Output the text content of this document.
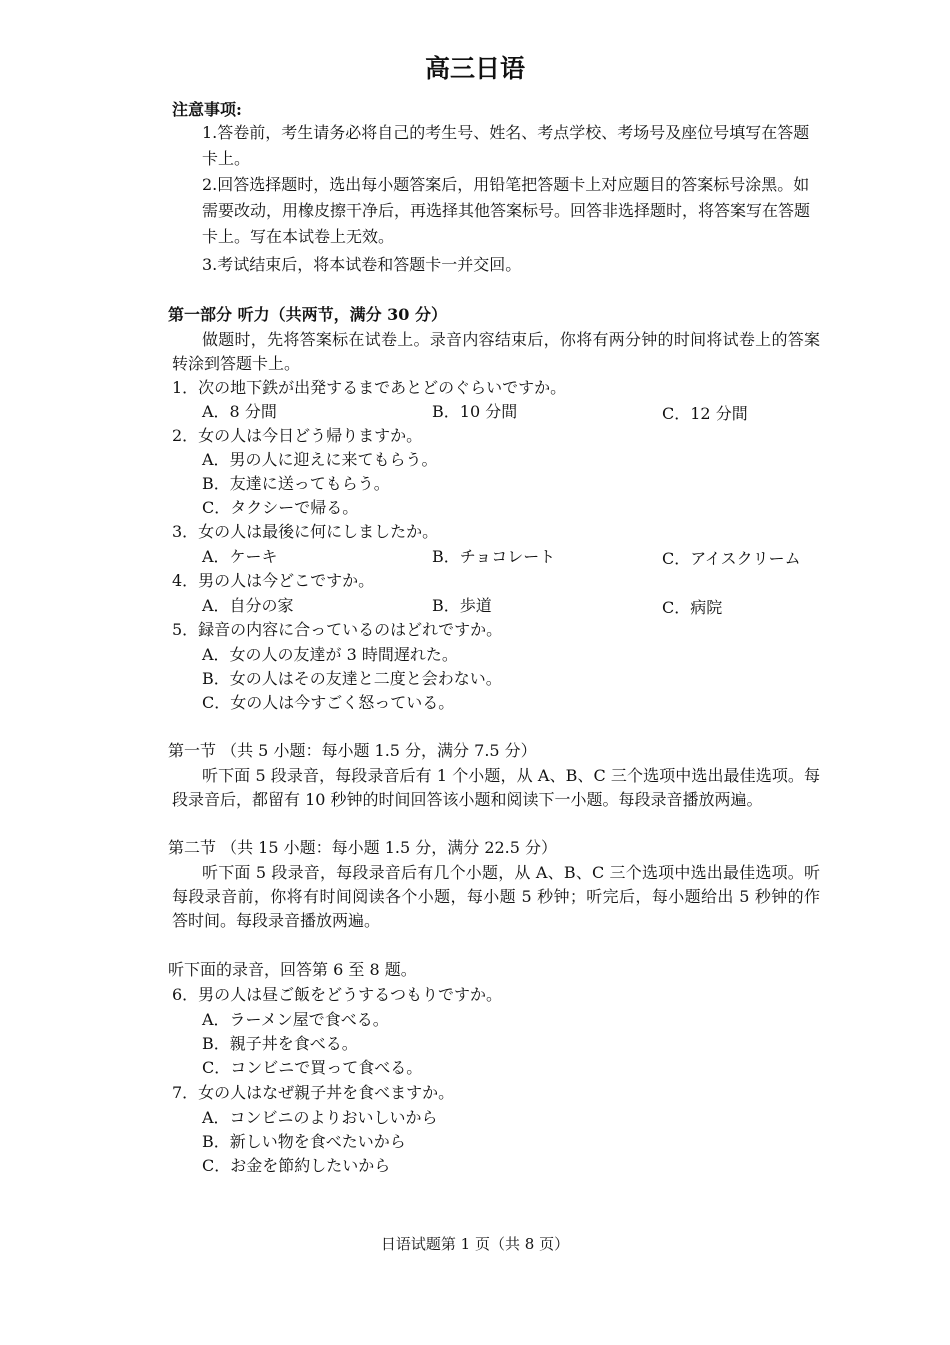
高三日语
注意事项:
1.答卷前，考生请务必将自己的考生号、姓名、考点学校、考场号及座位号填写在答题卡上。
2.回答选择题时，选出每小题答案后，用铅笔把答题卡上对应题目的答案标号涂黑。如需要改动，用橡皮擦干净后，再选择其他答案标号。回答非选择题时，将答案写在答题卡上。写在本试卷上无效。
3.考试结束后，将本试卷和答题卡一并交回。
第一部分 听力（共两节，满分 30 分）
做题时，先将答案标在试卷上。录音内容结束后，你将有两分钟的时间将试卷上的答案转涂到答题卡上。
1．次の地下鉄が出発するまであとどのぐらいですか。
A．8 分間	B．10 分間	C．12 分間
2．女の人は今日どう帰りますか。
A．男の人に迎えに来てもらう。
B．友達に送ってもらう。
C．タクシーで帰る。
3．女の人は最後に何にしましたか。
A．ケーキ	B．チョコレート	C．アイスクリーム
4．男の人は今どこですか。
A．自分の家	B．歩道	C．病院
5．録音の内容に合っているのはどれですか。
A．女の人の友達が 3 時間遅れた。
B．女の人はその友達と二度と会わない。
C．女の人は今すごく怒っている。
第一节 （共 5 小题：每小题 1.5 分，满分 7.5 分）
听下面 5 段录音，每段录音后有 1 个小题，从 A、B、C 三个选项中选出最佳选项。每段录音后，都留有 10 秒钟的时间回答该小题和阅读下一小题。每段录音播放两遍。
第二节 （共 15 小题：每小题 1.5 分，满分 22.5 分）
听下面 5 段录音，每段录音后有几个小题，从 A、B、C 三个选项中选出最佳选项。听每段录音前，你将有时间阅读各个小题，每小题 5 秒钟；听完后，每小题给出 5 秒钟的作答时间。每段录音播放两遍。
听下面的录音，回答第 6 至 8 题。
6．男の人は昼ご飯をどうするつもりですか。
A．ラーメン屋で食べる。
B．親子丼を食べる。
C．コンビニで買って食べる。
7．女の人はなぜ親子丼を食べますか。
A．コンビニのよりおいしいから
B．新しい物を食べたいから
C．お金を節約したいから
日语试题第 1 页（共 8 页）
